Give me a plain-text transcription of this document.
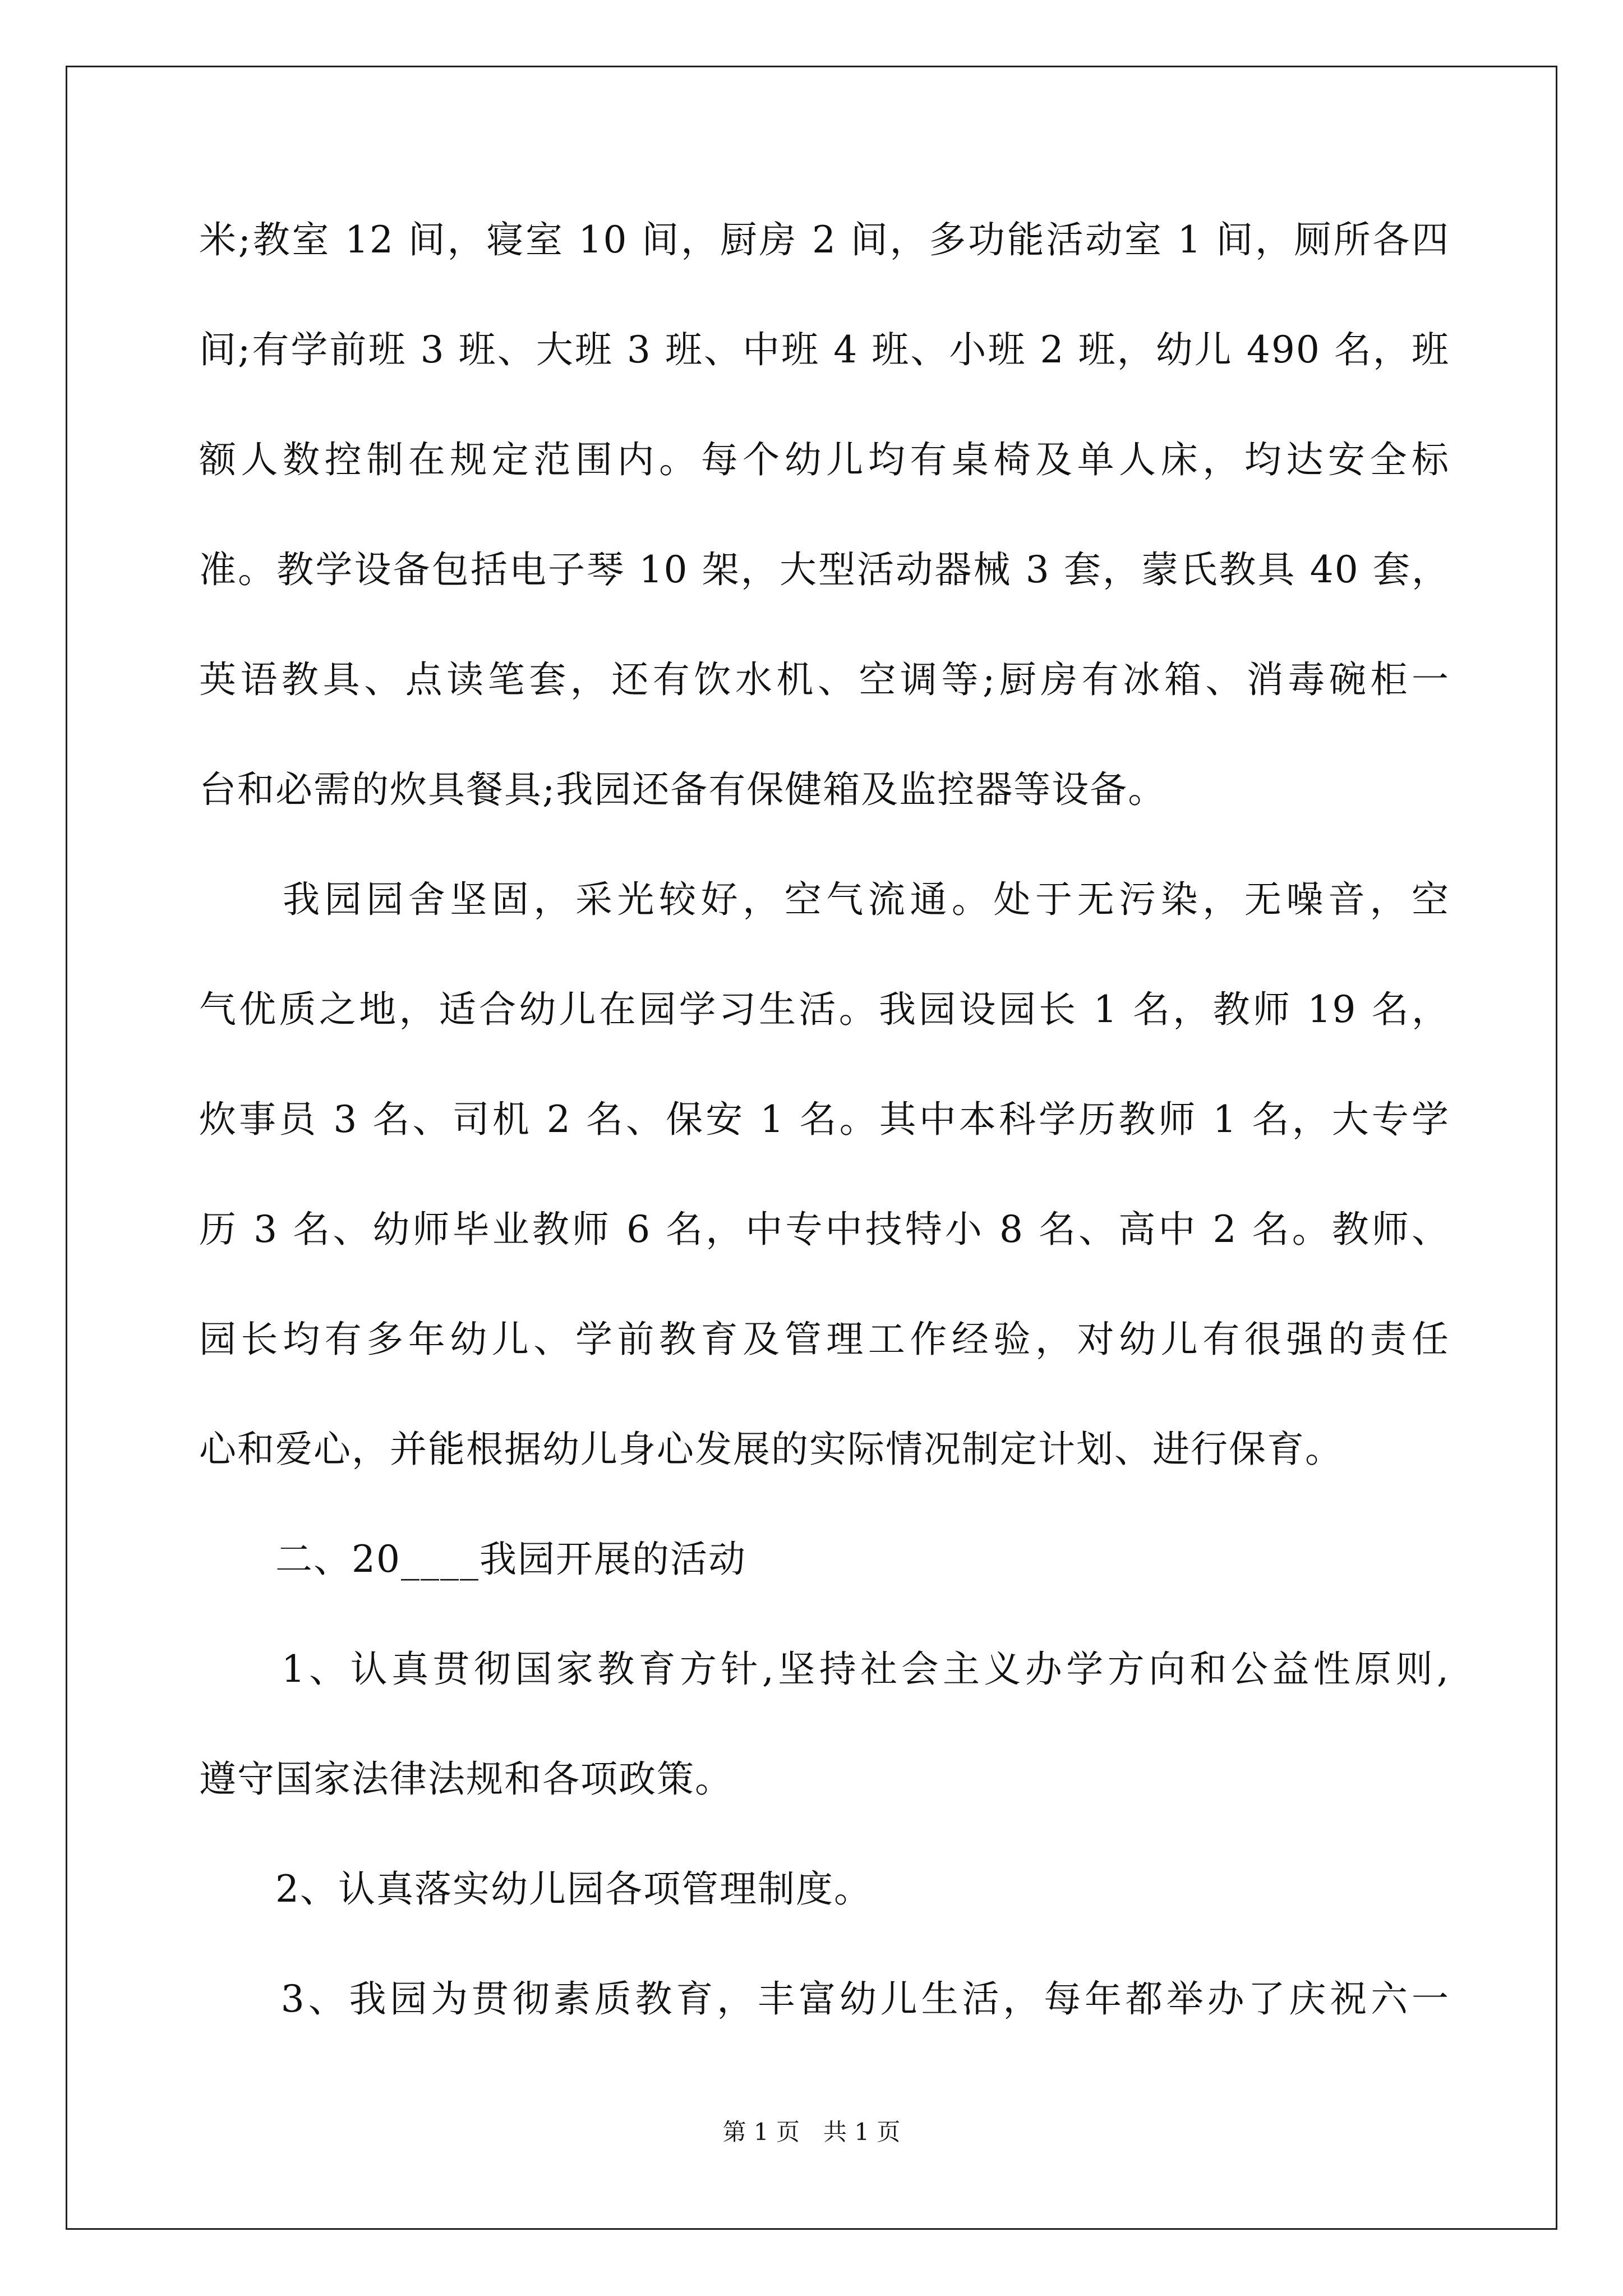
米;教室 12 间，寝室 10 间，厨房 2 间，多功能活动室 1 间，厕所各四
间;有学前班 3 班、大班 3 班、中班 4 班、小班 2 班，幼儿 490 名，班
额人数控制在规定范围内。每个幼儿均有桌椅及单人床，均达安全标
准。教学设备包括电子琴 10 架，大型活动器械 3 套，蒙氏教具 40 套，
英语教具、点读笔套，还有饮水机、空调等;厨房有冰箱、消毒碗柜一
台和必需的炊具餐具;我园还备有保健箱及监控器等设备。
　　我园园舍坚固，采光较好，空气流通。处于无污染，无噪音，空
气优质之地，适合幼儿在园学习生活。我园设园长 1 名，教师 19 名，
炊事员 3 名、司机 2 名、保安 1 名。其中本科学历教师 1 名，大专学
历 3 名、幼师毕业教师 6 名，中专中技特小 8 名、高中 2 名。教师、
园长均有多年幼儿、学前教育及管理工作经验，对幼儿有很强的责任
心和爱心，并能根据幼儿身心发展的实际情况制定计划、进行保育。
　　二、20____我园开展的活动
　　1、认真贯彻国家教育方针,坚持社会主义办学方向和公益性原则,
遵守国家法律法规和各项政策。
　　2、认真落实幼儿园各项管理制度。
　　3、我园为贯彻素质教育，丰富幼儿生活，每年都举办了庆祝六一
第 1 页　共 1 页
